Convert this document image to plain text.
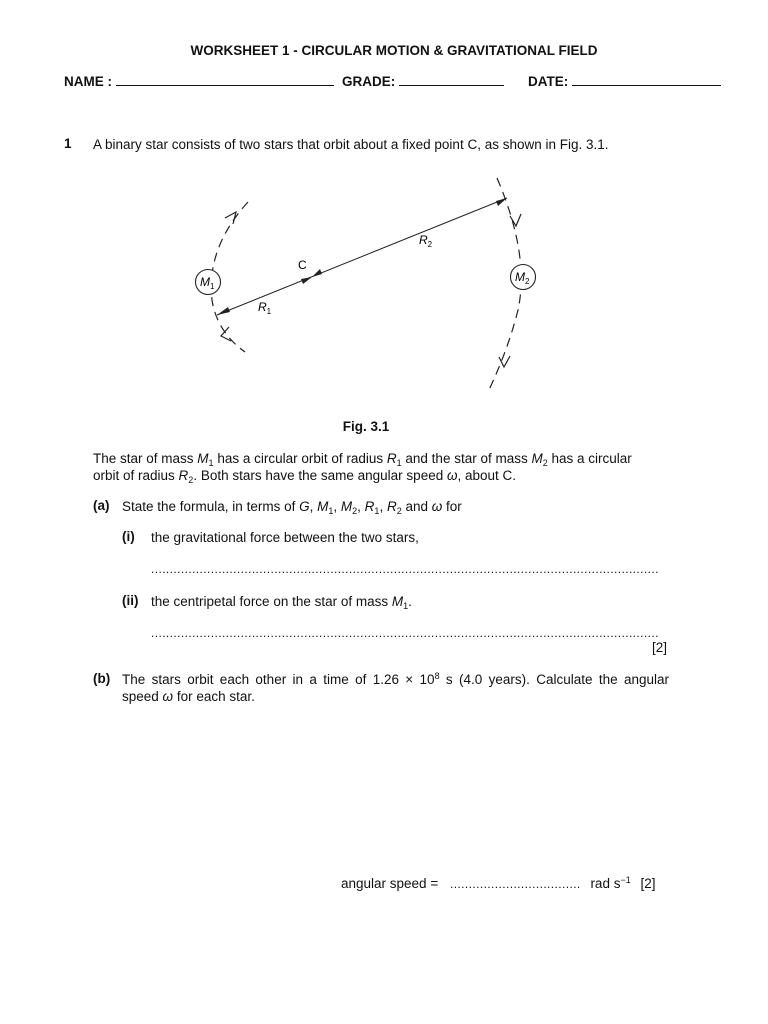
WORKSHEET 1 - CIRCULAR MOTION & GRAVITATIONAL FIELD
NAME :	GRADE:	DATE:
1 A binary star consists of two stars that orbit about a fixed point C, as shown in Fig. 3.1.
$M_1$
$M_2$
C
$R_2$
$R_1$
Fig. 3.1
The star of mass $M_1$ has a circular orbit of radius $R_1$ and the star of mass $M_2$ has a circular
orbit of radius $R_2$. Both stars have the same angular speed ω, about C.
(a) State the formula, in terms of G, $M_1$, $M_2$, $R_1$, $R_2$ and ω for
(i) the gravitational force between the two stars,
........................................................................................................................................
(ii) the centripetal force on the star of mass $M_1$.
........................................................................................................................................
[2]
(b) The stars orbit each other in a time of $1.26 \times 10^8$ s (4.0 years). Calculate the angular
speed ω for each star.
angular speed = ................................... rad $s^{-1}$ [2]
